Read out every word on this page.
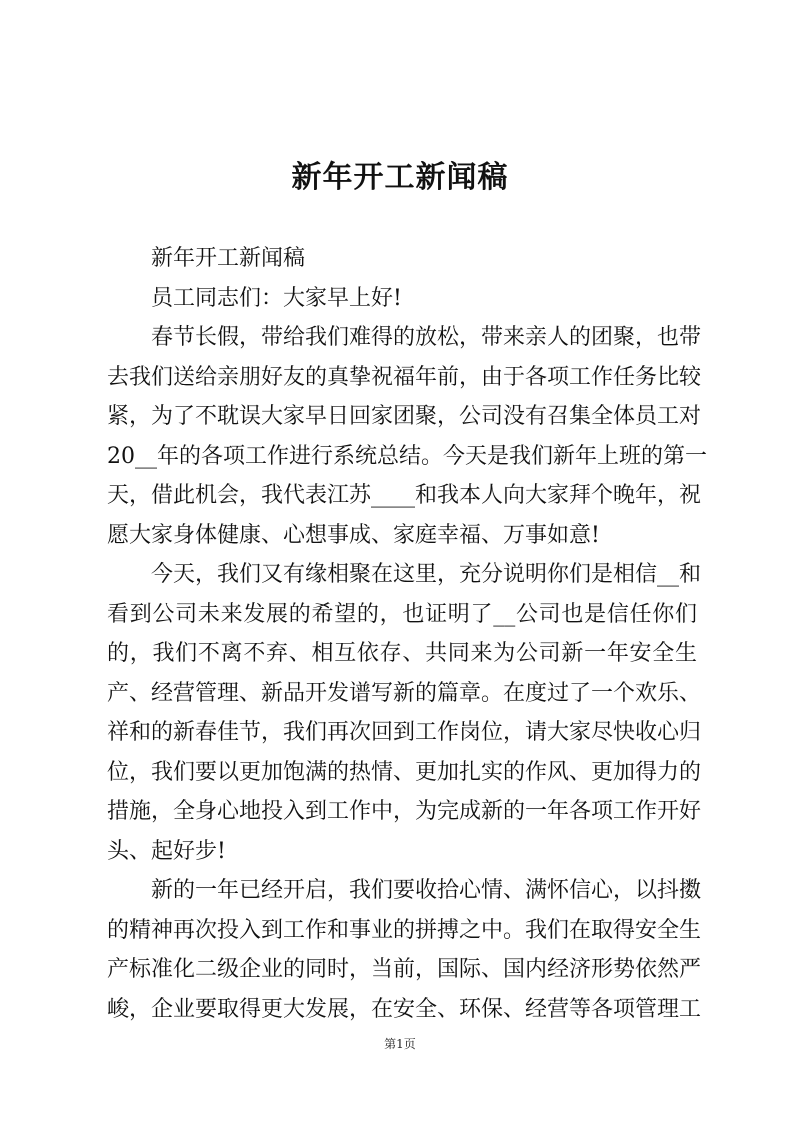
新年开工新闻稿
新年开工新闻稿
员工同志们：大家早上好!
春节长假，带给我们难得的放松，带来亲人的团聚，也带
去我们送给亲朋好友的真挚祝福年前，由于各项工作任务比较
紧，为了不耽误大家早日回家团聚，公司没有召集全体员工对
20__年的各项工作进行系统总结。今天是我们新年上班的第一
天，借此机会，我代表江苏____和我本人向大家拜个晚年，祝
愿大家身体健康、心想事成、家庭幸福、万事如意!
今天，我们又有缘相聚在这里，充分说明你们是相信__和
看到公司未来发展的希望的，也证明了__公司也是信任你们
的，我们不离不弃、相互依存、共同来为公司新一年安全生
产、经营管理、新品开发谱写新的篇章。在度过了一个欢乐、
祥和的新春佳节，我们再次回到工作岗位，请大家尽快收心归
位，我们要以更加饱满的热情、更加扎实的作风、更加得力的
措施，全身心地投入到工作中，为完成新的一年各项工作开好
头、起好步!
新的一年已经开启，我们要收拾心情、满怀信心，以抖擞
的精神再次投入到工作和事业的拼搏之中。我们在取得安全生
产标准化二级企业的同时，当前，国际、国内经济形势依然严
峻，企业要取得更大发展，在安全、环保、经营等各项管理工
第1页
